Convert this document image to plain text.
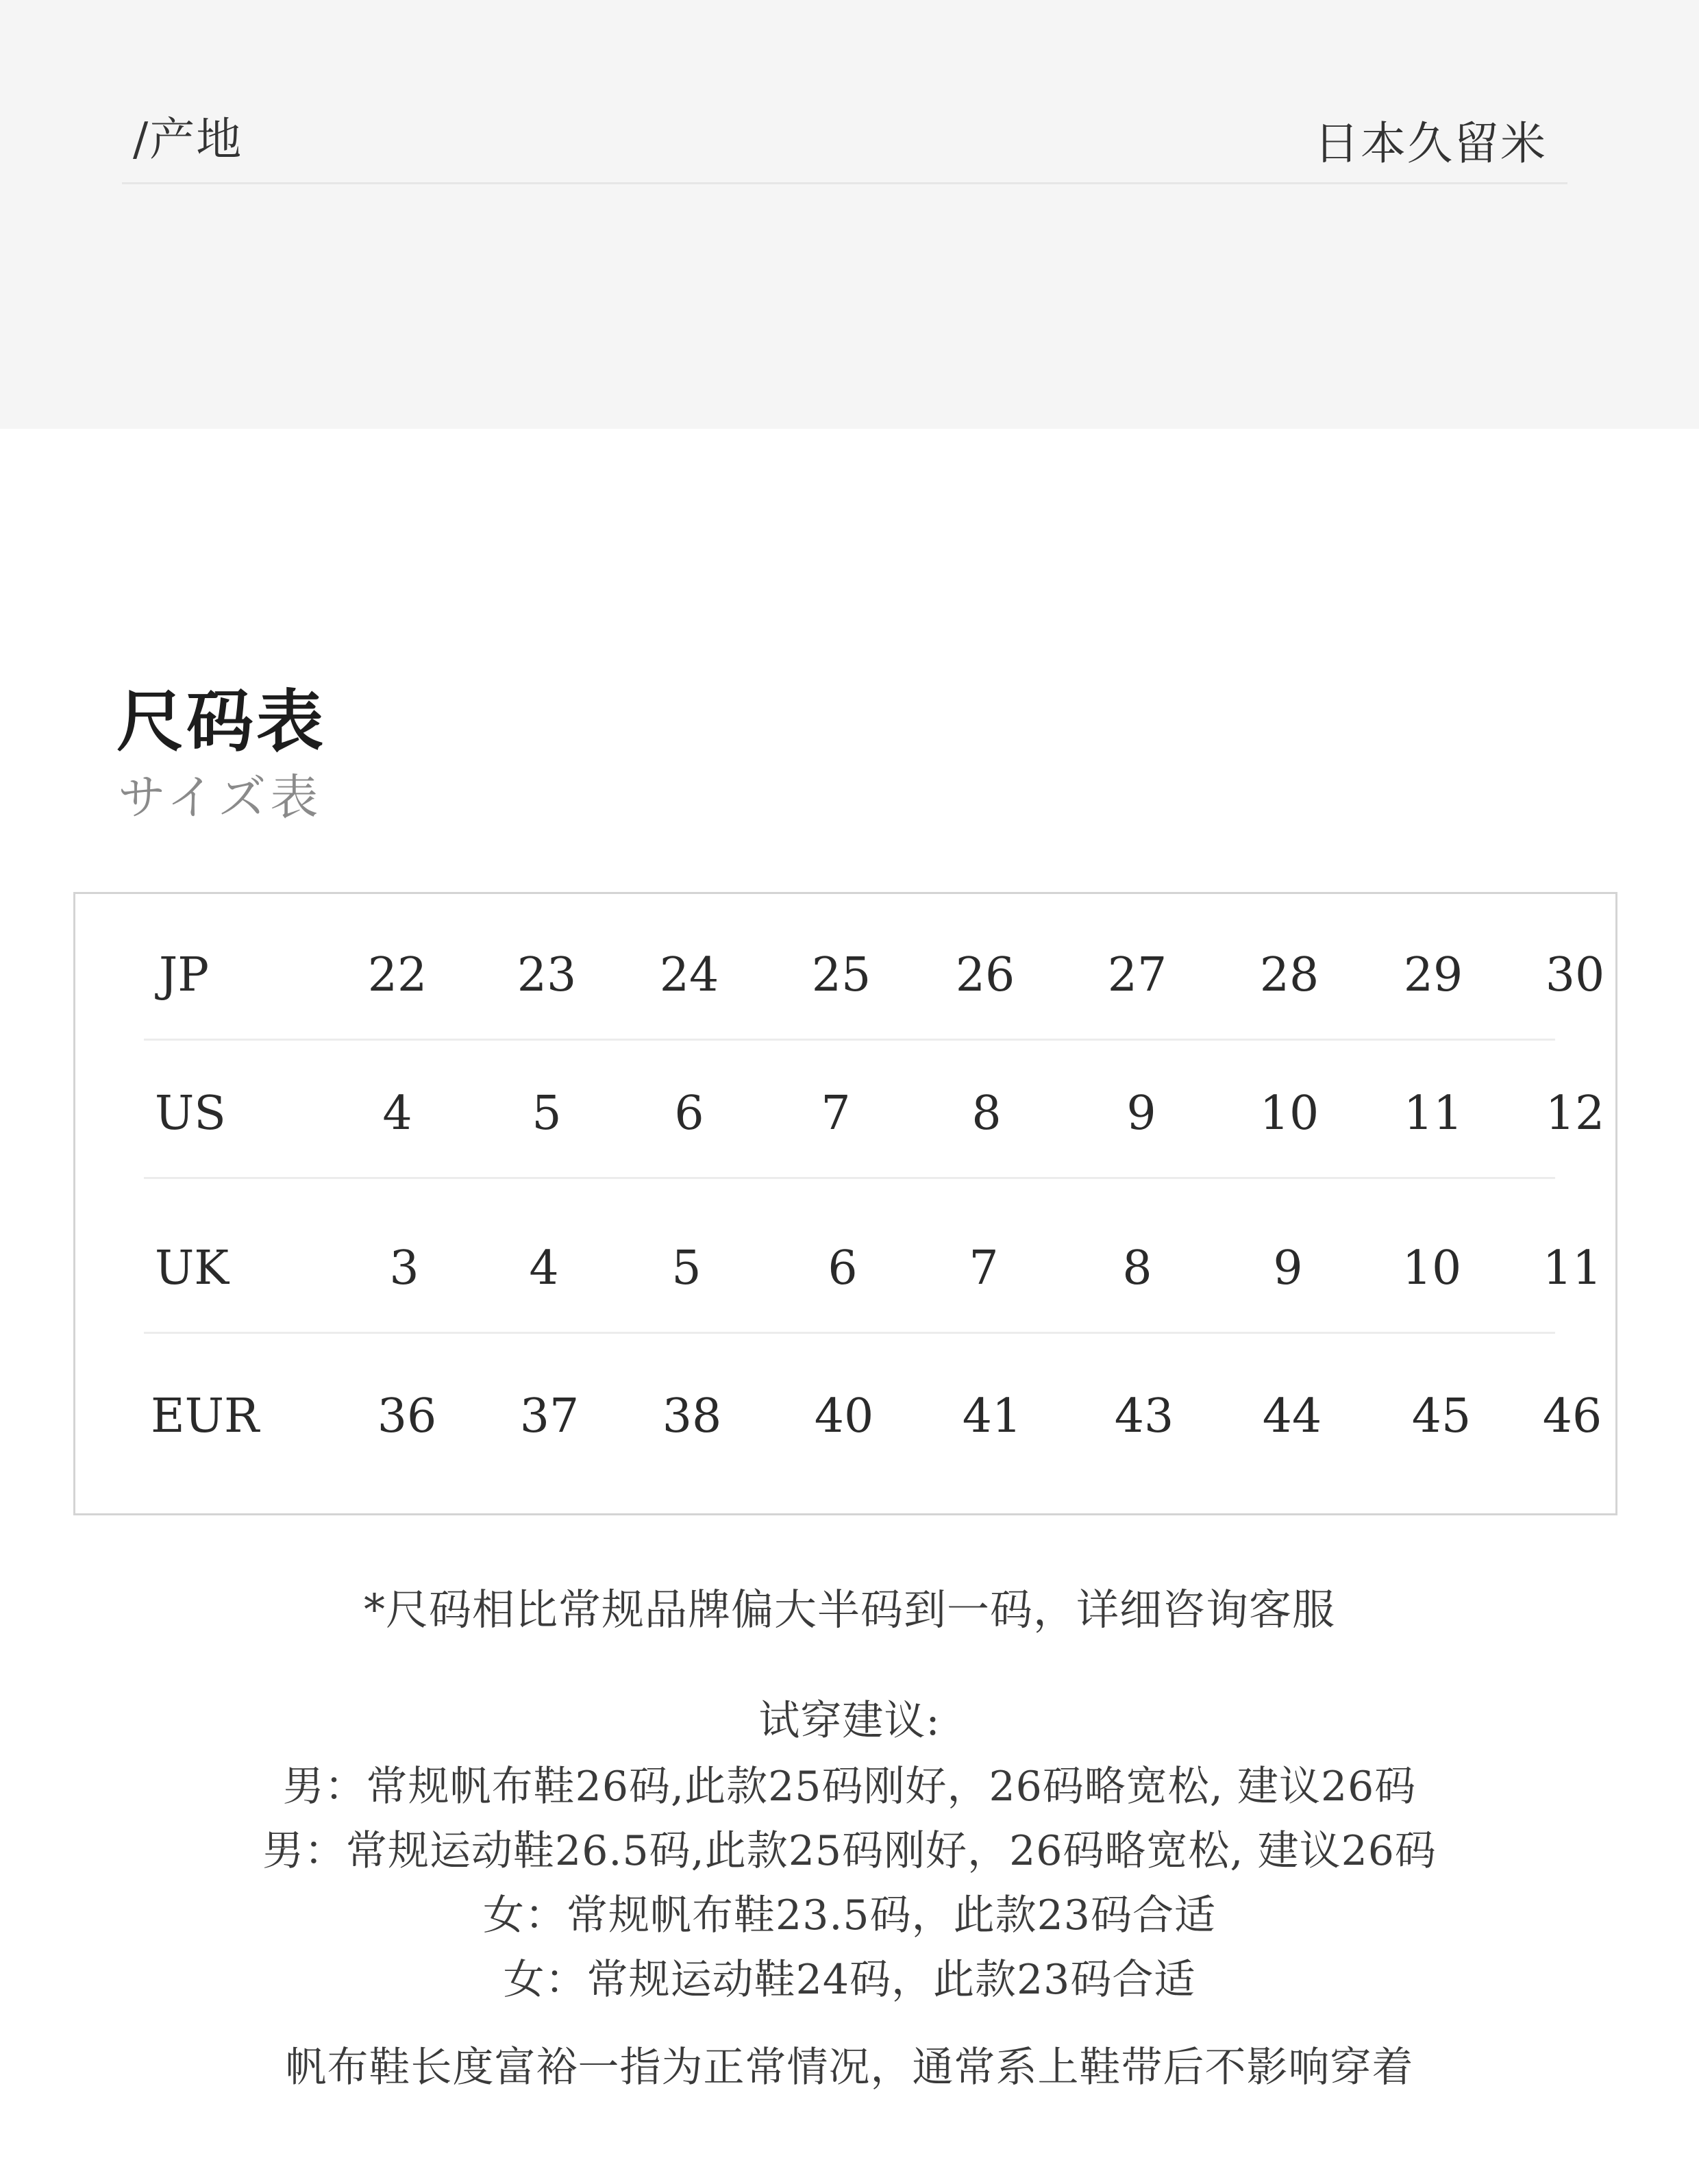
/产地	日本久留米
尺码表
サイズ表
JP	22	23	24	25	26	27	28	29	30
US	4	5	6	7	8	9	10	11	12
UK	3	4	5	6	7	8	9	10	11
EUR	36	37	38	40	41	43	44	45	46
*尺码相比常规品牌偏大半码到一码，详细咨询客服
试穿建议:
男：常规帆布鞋26码,此款25码刚好，26码略宽松, 建议26码
男：常规运动鞋26.5码,此款25码刚好，26码略宽松, 建议26码
女：常规帆布鞋23.5码，此款23码合适
女：常规运动鞋24码，此款23码合适
帆布鞋长度富裕一指为正常情况，通常系上鞋带后不影响穿着
